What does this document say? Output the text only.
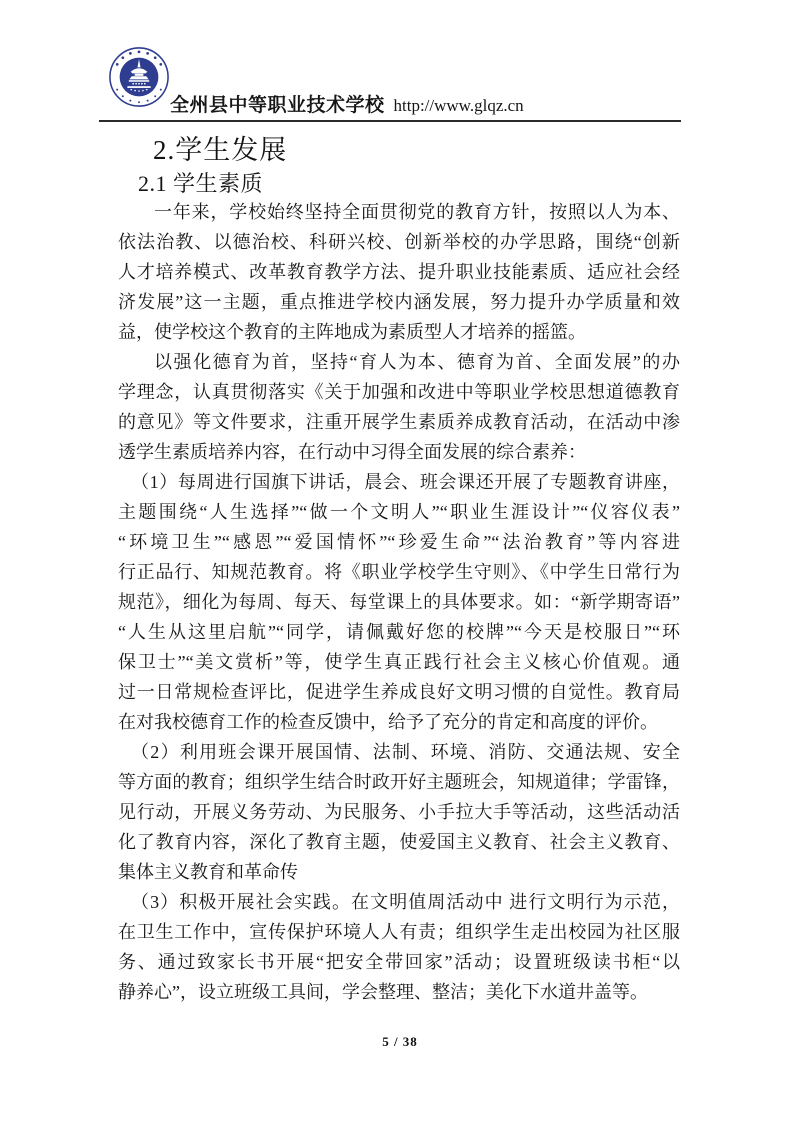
全州县中等职业技术学校 http://www.glqz.cn
2.学生发展
2.1 学生素质

一年来，学校始终坚持全面贯彻党的教育方针，按照以人为本、
依法治教、以德治校、科研兴校、创新举校的办学思路，围绕“创新
人才培养模式、改革教育教学方法、提升职业技能素质、适应社会经
济发展”这一主题，重点推进学校内涵发展，努力提升办学质量和效
益，使学校这个教育的主阵地成为素质型人才培养的摇篮。

以强化德育为首，坚持“育人为本、德育为首、全面发展”的办
学理念，认真贯彻落实《关于加强和改进中等职业学校思想道德教育
的意见》等文件要求，注重开展学生素质养成教育活动，在活动中渗
透学生素质培养内容，在行动中习得全面发展的综合素养：

（1）每周进行国旗下讲话，晨会、班会课还开展了专题教育讲座，
主题围绕“人生选择”“做一个文明人”“职业生涯设计”“仪容仪表”
“环境卫生”“感恩”“爱国情怀”“珍爱生命”“法治教育”等内容进
行正品行、知规范教育。将《职业学校学生守则》、《中学生日常行为
规范》，细化为每周、每天、每堂课上的具体要求。如：“新学期寄语”
“人生从这里启航”“同学，请佩戴好您的校牌”“今天是校服日”“环
保卫士”“美文赏析”等，使学生真正践行社会主义核心价值观。通
过一日常规检查评比，促进学生养成良好文明习惯的自觉性。教育局
在对我校德育工作的检查反馈中，给予了充分的肯定和高度的评价。

（2）利用班会课开展国情、法制、环境、消防、交通法规、安全
等方面的教育；组织学生结合时政开好主题班会，知规道律；学雷锋，
见行动，开展义务劳动、为民服务、小手拉大手等活动，这些活动活
化了教育内容，深化了教育主题，使爱国主义教育、社会主义教育、
集体主义教育和革命传

（3）积极开展社会实践。在文明值周活动中 进行文明行为示范，
在卫生工作中，宣传保护环境人人有责；组织学生走出校园为社区服
务、通过致家长书开展“把安全带回家”活动；设置班级读书柜“以
静养心”，设立班级工具间，学会整理、整洁；美化下水道井盖等。

5 / 38
